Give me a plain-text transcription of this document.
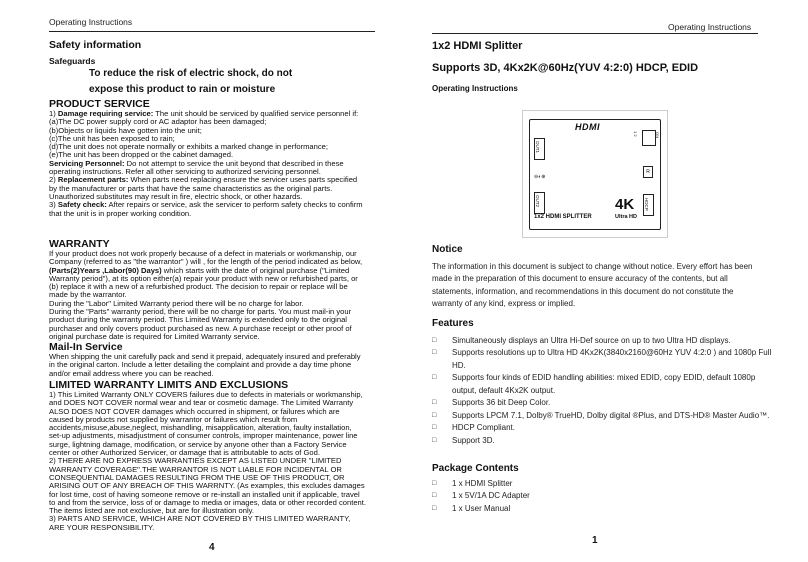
Operating Instructions
Safety information
Safeguards
To reduce the risk of electric shock, do not
expose this product to rain or moisture
PRODUCT SERVICE

1) Damage requiring service: The unit should be serviced by qualified service personnel if:

(a)The DC power supply cord or AC adaptor has been damaged;

(b)Objects or liquids have gotten into the unit;

(c)The unit has been exposed to rain;

(d)The unit does not operate normally or exhibits a marked change in performance;

(e)The unit has been dropped or the cabinet damaged.

Servicing Personnel: Do not attempt to service the unit beyond that described in these operating instructions. Refer all other servicing to authorized servicing personnel.

2) Replacement parts: When parts need replacing ensure the servicer uses parts specified by the manufacturer or parts that have the same characteristics as the original parts. Unauthorized substitutes may result in fire, electric shock, or other hazards.

3) Safety check: After repairs or service, ask the servicer to perform safety checks to confirm that the unit is in proper working condition.

WARRANTY

If your product does not work properly because of a defect in materials or workmanship, our Company (referred to as "the warrantor" ) will , for the length of the period indicated as below, (Parts(2)Years ,Labor(90) Days) which starts with the date of original purchase ("Limited Warranty period"), at its option either(a) repair your product with new or refurbished parts, or (b) replace it with a new of a refurbished product. The decision to repair or replace will be made by the warrantor.

During the "Labor" Limited Warranty period there will be no charge for labor.

During the "Parts" warranty period, there will be no charge for parts. You must mail-in your product during the warranty period. This Limited Warranty is extended only to the original purchaser and only covers product purchased as new. A purchase receipt or other proof of original purchase date is required for Limited Warranty service.

Mail-In Service

When shipping the unit carefully pack and send it prepaid, adequately insured and preferably in the original carton. Include a letter detailing the complaint and provide a day time phone and/or email address where you can be reached.

LIMITED WARRANTY LIMITS AND EXCLUSIONS

1) This Limited Warranty ONLY COVERS failures due to defects in materials or workmanship, and DOES NOT COVER normal wear and tear or cosmetic damage. The Limited Warranty ALSO DOES NOT COVER damages which occurred in shipment, or failures which are caused by products not supplied by warrantor or failures which result from accidents,misuse,abuse,neglect, mishandling, misapplication, alteration, faulty installation, set-up adjustments, misadjustment of consumer controls, improper maintenance, power line surge, lightning damage, modification, or service by anyone other than a Factory Service center or other Authorized Servicer, or damage that is attributable to acts of God.

2) THERE ARE NO EXPRESS WARRANTIES EXCEPT AS LISTED UNDER "LIMITED WARRANTY COVERAGE".THE WARRANTOR IS NOT LIABLE FOR INCIDENTAL OR CONSEQUENTIAL DAMAGES RESULTING FROM THE USE OF THIS PRODUCT, OR ARISING OUT OF ANY BREACH OF THIS WARRNTY. (As examples, this excludes damages for lost time, cost of having someone remove or re-install an installed unit if applicable, travel to and from the service, loss of or damage to media or images, data or other recorded content. The items listed are not exclusive, but are for illustration only.

3) PARTS AND SERVICE, WHICH ARE NOT COVERED BY THIS LIMITED WARRANTY, ARE YOUR RESPONSIBILITY.

4
Operating Instructions
1x2 HDMI Splitter
Supports 3D, 4Kx2K@60Hz(YUV 4:2:0) HDCP, EDID
Operating Instructions
HDMI
OUT1
⊖◐⊕
OUT2
1 2	ON
R
HDCP
1x2 HDMI SPLITTER
4K
Ultra HD
Notice

The information in this document is subject to change without notice. Every effort has been made in the preparation of this document to ensure accuracy of the contents, but all statements, information, and recommendations in this document do not constitute the warranty of any kind, express or implied.

Features
□ Simultaneously displays an Ultra Hi-Def source on up to two Ultra HD displays.
□ Supports resolutions up to Ultra HD 4Kx2K(3840x2160@60Hz YUV 4:2:0 ) and 1080p Full HD.
□ Supports four kinds of EDID handling abilities: mixed EDID, copy EDID, default 1080p output, default 4Kx2K output.
□ Supports 36 bit Deep Color.
□ Supports LPCM 7.1, Dolby® TrueHD, Dolby digital ®Plus, and DTS-HD® Master Audio™.
□ HDCP Compliant.
□ Support 3D.
Package Contents
□ 1 x HDMI Splitter
□ 1 x 5V/1A DC Adapter
□ 1 x User Manual
1
